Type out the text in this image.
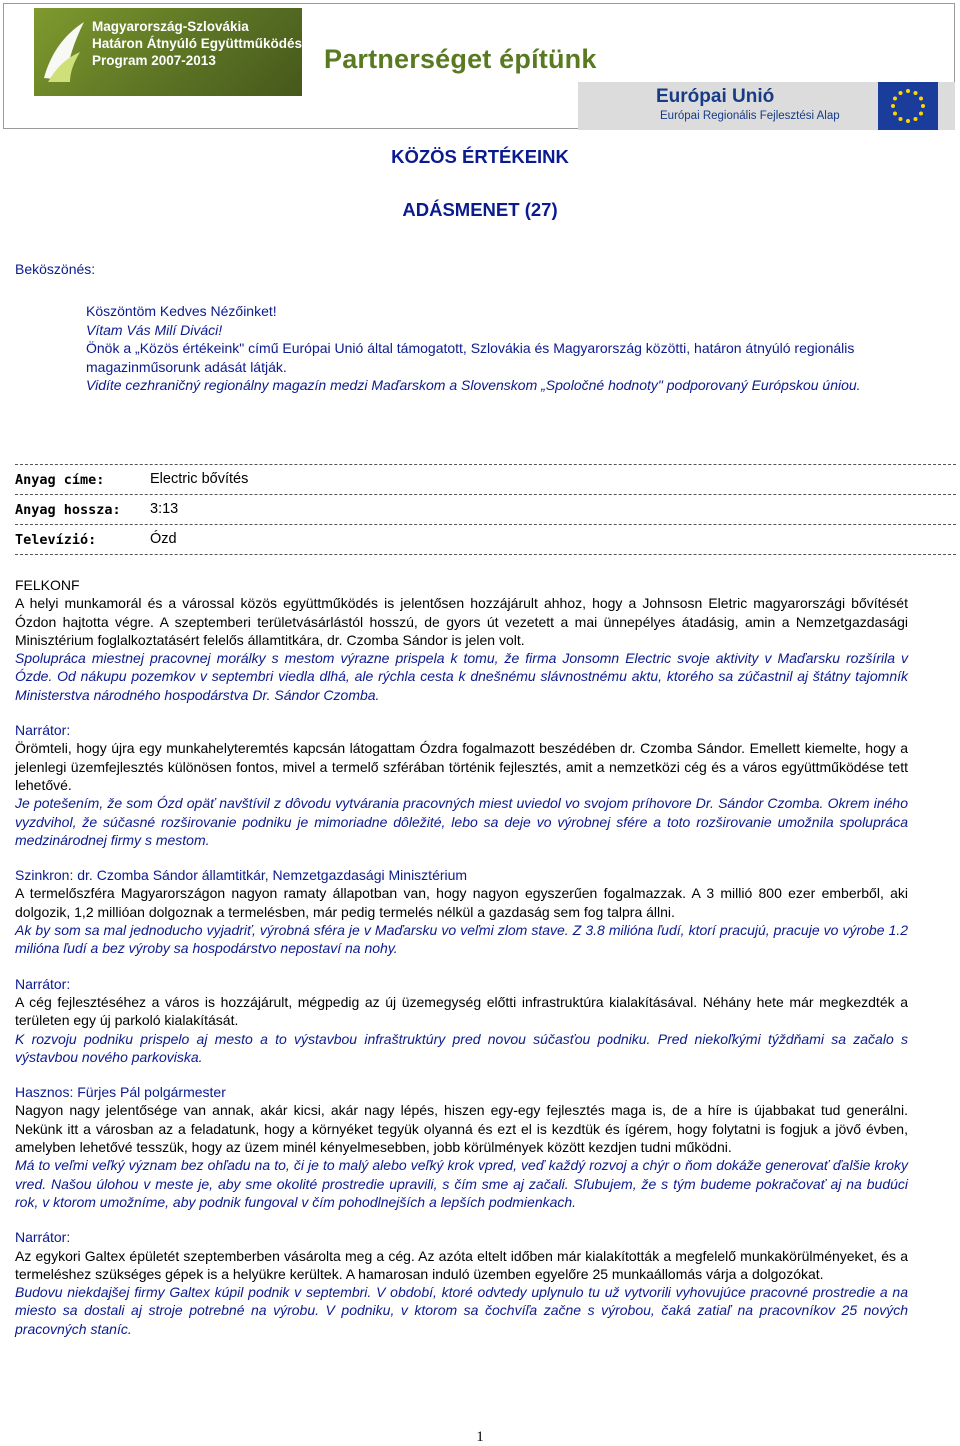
Magyarország-Szlovákia
Határon Átnyúló Együttműködési
Program 2007-2013	Partnerséget építünk
Európai Unió
Európai Regionális Fejlesztési Alap
KÖZÖS ÉRTÉKEINK
ADÁSMENET (27)
Beköszönés:
Köszöntöm Kedves Nézőinket!
Vítam Vás Milí Diváci!
Önök a „Közös értékeink" című Európai Unió által támogatott, Szlovákia és Magyarország közötti, határon átnyúló regionális magazinműsorunk adását látják.
Vidíte cezhraničný regionálny magazín medzi Maďarskom a Slovenskom „Spoločné hodnoty" podporovaný Európskou úniou.
Anyag címe:	Electric bővítés
Anyag hossza: 3:13
Televízió:	Ózd

FELKONF

A helyi munkamorál és a várossal közös együttműködés is jelentősen hozzájárult ahhoz, hogy a Johnsosn Eletric magyarországi bővítését Ózdon hajtotta végre. A szeptemberi területvásárlástól hosszú, de gyors út vezetett a mai ünnepélyes átadásig, amin a Nemzetgazdasági Minisztérium foglalkoztatásért felelős államtitkára, dr. Czomba Sándor is jelen volt.

Spolupráca miestnej pracovnej morálky s mestom výrazne prispela k tomu, že firma Jonsomn Electric svoje aktivity v Maďarsku rozšírila v Ózde. Od nákupu pozemkov v septembri viedla dlhá, ale rýchla cesta k dnešnému slávnostnému aktu, ktorého sa zúčastnil aj štátny tajomník Ministerstva národného hospodárstva Dr. Sándor Czomba.

Narrátor:

Örömteli, hogy újra egy munkahelyteremtés kapcsán látogattam Ózdra fogalmazott beszédében dr. Czomba Sándor. Emellett kiemelte, hogy a jelenlegi üzemfejlesztés különösen fontos, mivel a termelő szférában történik fejlesztés, amit a nemzetközi cég és a város együttműködése tett lehetővé.

Je potešením, že som Ózd opäť navštívil z dôvodu vytvárania pracovných miest uviedol vo svojom príhovore Dr. Sándor Czomba. Okrem iného vyzdvihol, že súčasné rozširovanie podniku je mimoriadne dôležité, lebo sa deje vo výrobnej sfére a toto rozširovanie umožnila spolupráca medzinárodnej firmy s mestom.

Szinkron: dr. Czomba Sándor államtitkár, Nemzetgazdasági Minisztérium

A termelőszféra Magyarországon nagyon ramaty állapotban van, hogy nagyon egyszerűen fogalmazzak. A 3 millió 800 ezer emberből, aki dolgozik, 1,2 millióan dolgoznak a termelésben, már pedig termelés nélkül a gazdaság sem fog talpra állni.

Ak by som sa mal jednoducho vyjadriť, výrobná sféra je v Maďarsku vo veľmi zlom stave. Z 3.8 milióna ľudí, ktorí pracujú, pracuje vo výrobe 1.2 milióna ľudí a bez výroby sa hospodárstvo nepostaví na nohy.

Narrátor:

A cég fejlesztéséhez a város is hozzájárult, mégpedig az új üzemegység előtti infrastruktúra kialakításával. Néhány hete már megkezdték a területen egy új parkoló kialakítását.

K rozvoju podniku prispelo aj mesto a to výstavbou infraštruktúry pred novou súčasťou podniku. Pred niekoľkými týždňami sa začalo s výstavbou nového parkoviska.

Hasznos: Fürjes Pál polgármester

Nagyon nagy jelentősége van annak, akár kicsi, akár nagy lépés, hiszen egy-egy fejlesztés maga is, de a híre is újabbakat tud generálni. Nekünk itt a városban az a feladatunk, hogy a környéket tegyük olyanná és ezt el is kezdtük és ígérem, hogy folytatni is fogjuk a jövő évben, amelyben lehetővé tesszük, hogy az üzem minél kényelmesebben, jobb körülmények között kezdjen tudni működni.

Má to veľmi veľký význam bez ohľadu na to, či je to malý alebo veľký krok vpred, veď každý rozvoj a chýr o ňom dokáže generovať ďalšie kroky vred. Našou úlohou v meste je, aby sme okolité prostredie upravili, s čím sme aj začali. Sľubujem, že s tým budeme pokračovať aj na budúci rok, v ktorom umožníme, aby podnik fungoval v čím pohodlnejších a lepších podmienkach.

Narrátor:

Az egykori Galtex épületét szeptemberben vásárolta meg a cég. Az azóta eltelt időben már kialakították a megfelelő munkakörülményeket, és a termeléshez szükséges gépek is a helyükre kerültek. A hamarosan induló üzemben egyelőre 25 munkaállomás várja a dolgozókat.

Budovu niekdajšej firmy Galtex kúpil podnik v septembri. V období, ktoré odvtedy uplynulo tu už vytvorili vyhovujúce pracovné prostredie a na miesto sa dostali aj stroje potrebné na výrobu. V podniku, v ktorom sa čochvíľa začne s výrobou, čaká zatiaľ na pracovníkov 25 nových pracovných staníc.

1
